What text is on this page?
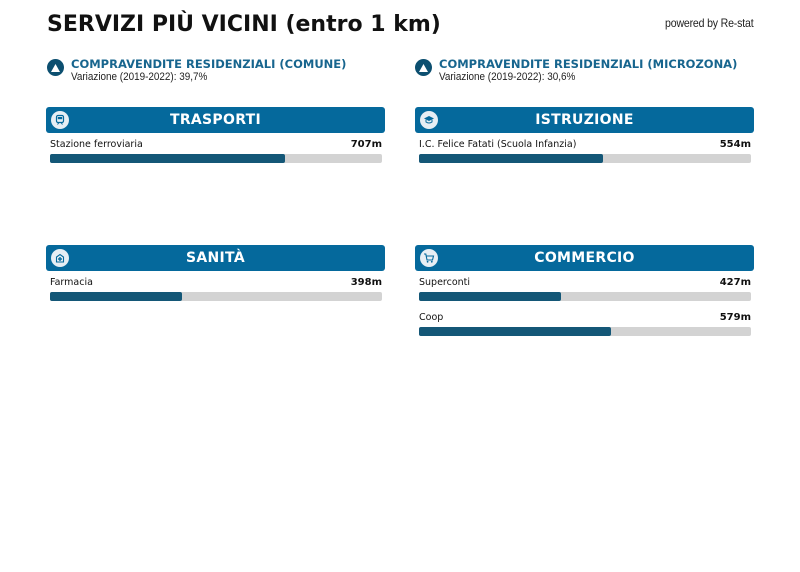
SERVIZI PIÙ VICINI (entro 1 km)	powered by Re-stat
COMPRAVENDITE RESIDENZIALI (COMUNE)
Variazione (2019-2022): 39,7%
COMPRAVENDITE RESIDENZIALI (MICROZONA)
Variazione (2019-2022): 30,6%
TRASPORTI
Stazione ferroviaria	707m
ISTRUZIONE
I.C. Felice Fatati (Scuola Infanzia)	554m
SANITÀ
Farmacia	398m
COMMERCIO
Superconti	427m
Coop	579m
